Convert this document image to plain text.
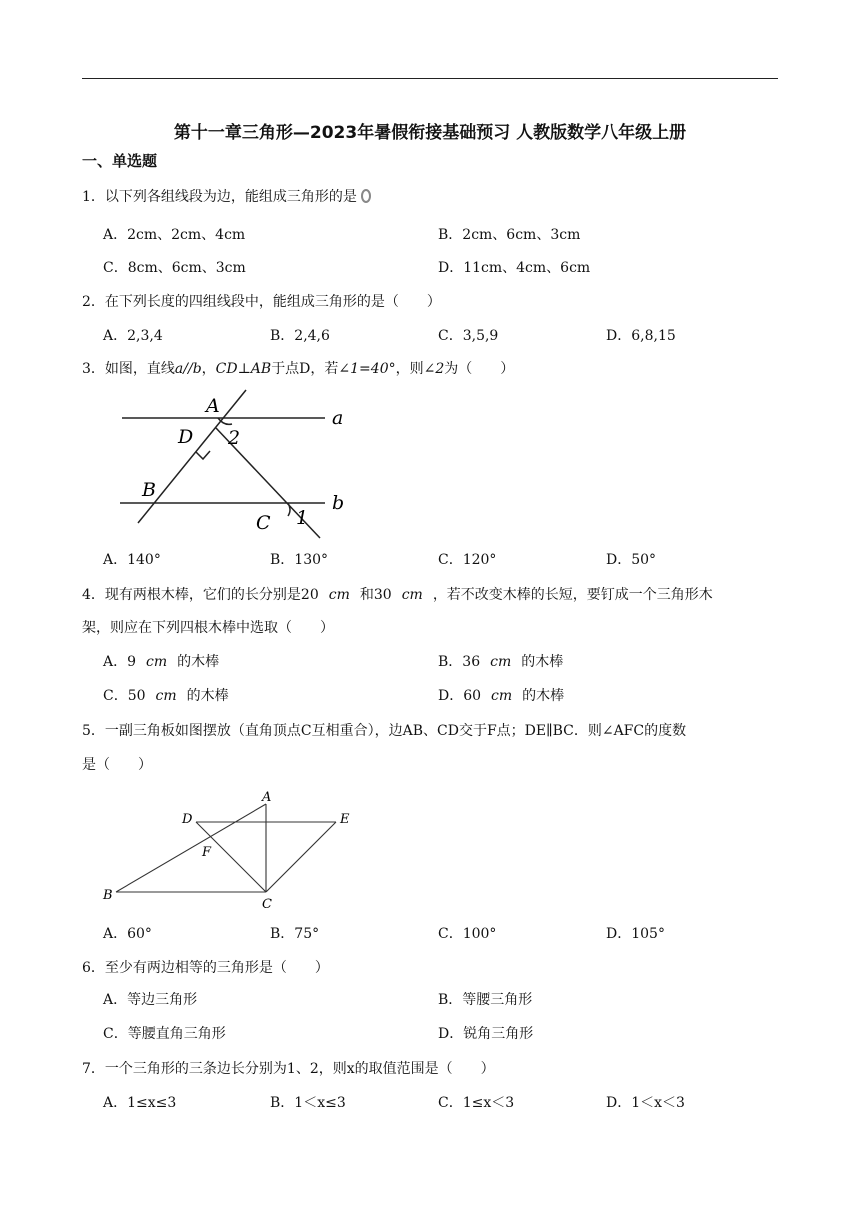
第十一章三角形—2023年暑假衔接基础预习 人教版数学八年级上册
一、单选题
1．以下列各组线段为边，能组成三角形的是
A．2cm、2cm、4cm	B．2cm、6cm、3cm
C．8cm、6cm、3cm	D．11cm、4cm、6cm
2．在下列长度的四组线段中，能组成三角形的是（　　）
A．2,3,4	B．2,4,6	C．3,5,9	D．6,8,15
3．如图，直线a//b，CD⊥AB于点D，若∠1=40°，则∠2为（　　）
A
a
D 2
B
b
C 1
A．140°	B．130°	C．120°	D．50°
4．现有两根木棒，它们的长分别是20 cm 和30 cm ，若不改变木棒的长短，要钉成一个三角形木
架，则应在下列四根木棒中选取（　　）
A．9 cm 的木棒	B．36 cm 的木棒
C．50 cm 的木棒	D．60 cm 的木棒
5．一副三角板如图摆放（直角顶点C互相重合），边AB、CD交于F点；DE∥BC．则∠AFC的度数
是（　　）
A
D	E
F
B
C
A．60°	B．75°	C．100°	D．105°
6．至少有两边相等的三角形是（　　）
A．等边三角形	B．等腰三角形
C．等腰直角三角形	D．锐角三角形
7．一个三角形的三条边长分别为1、2，则x的取值范围是（　　）
A．1≤x≤3	B．1＜x≤3	C．1≤x＜3	D．1＜x＜3
